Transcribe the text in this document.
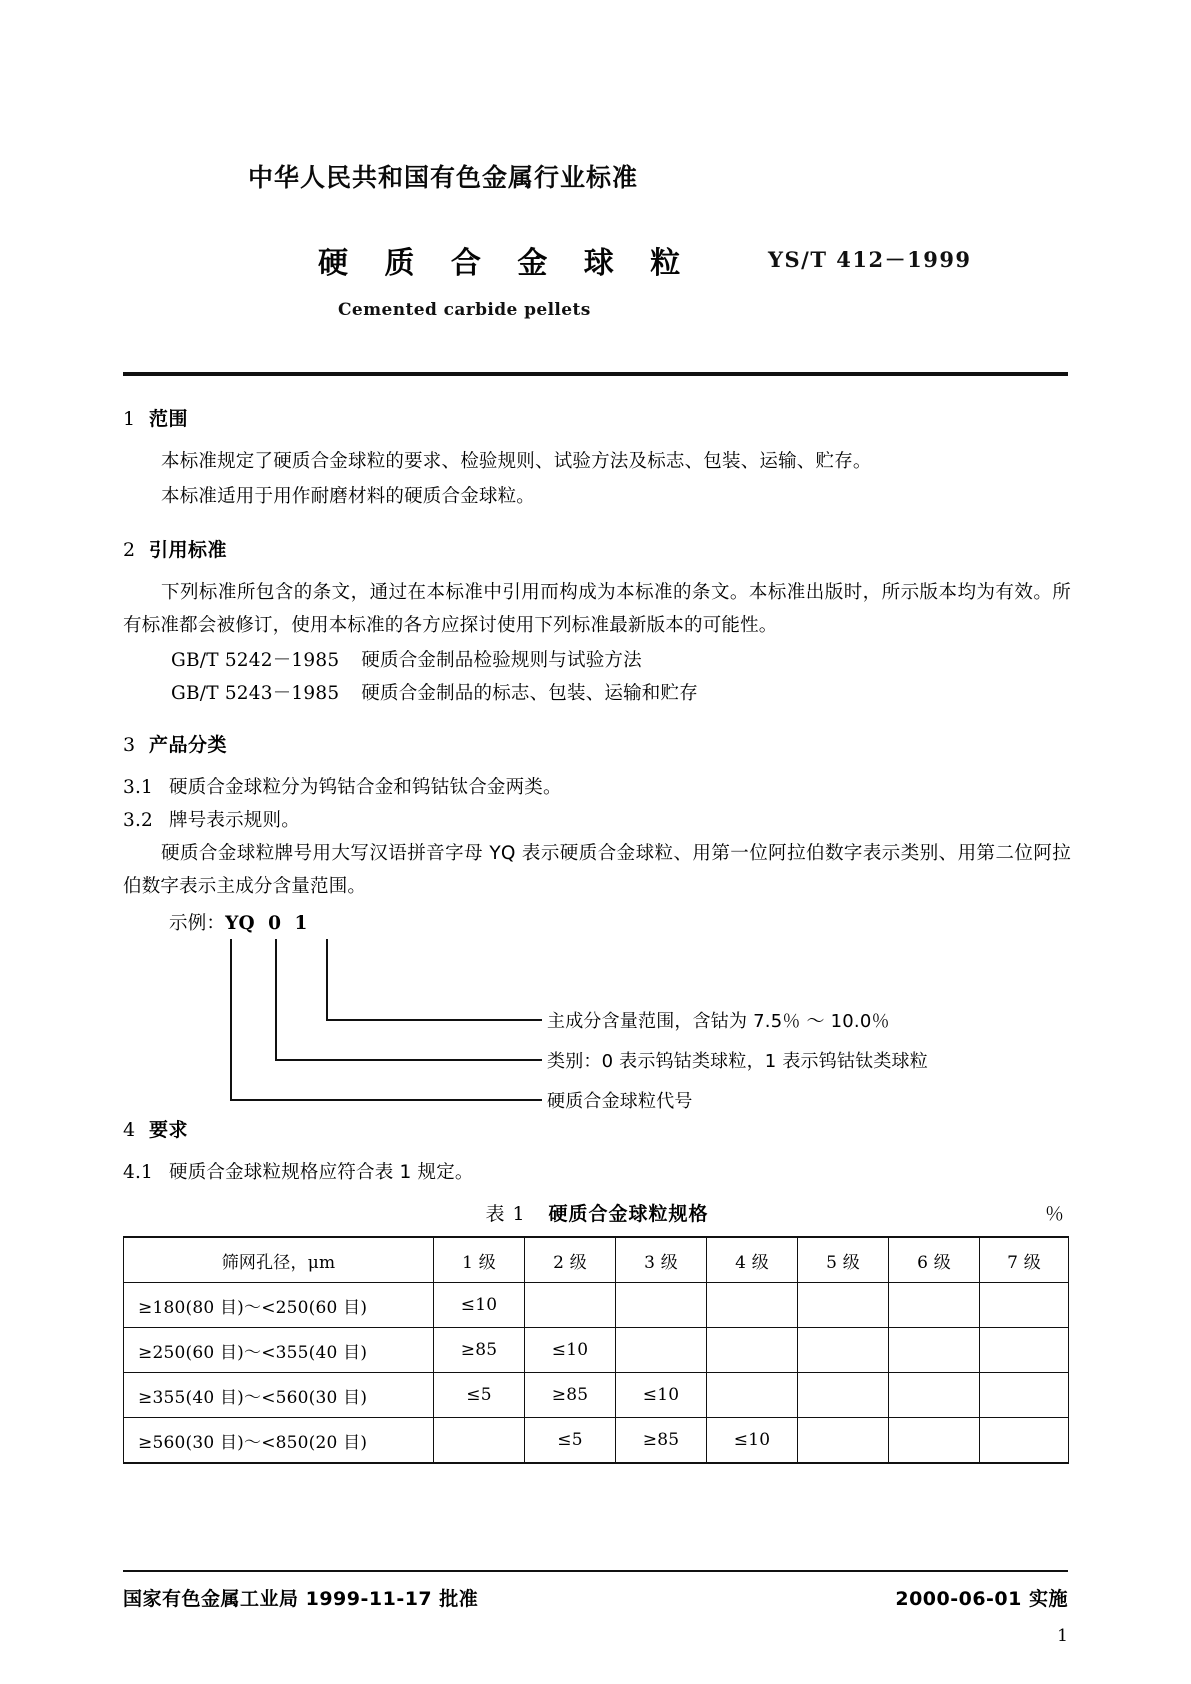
中华人民共和国有色金属行业标准
硬 质 合 金 球 粒	YS/T 412－1999
Cemented carbide pellets
1 范围

本标准规定了硬质合金球粒的要求、检验规则、试验方法及标志、包装、运输、贮存。

本标准适用于用作耐磨材料的硬质合金球粒。

2 引用标准

下列标准所包含的条文，通过在本标准中引用而构成为本标准的条文。本标准出版时，所示版本均为有效。所有标准都会被修订，使用本标准的各方应探讨使用下列标准最新版本的可能性。

GB/T 5242－1985 硬质合金制品检验规则与试验方法

GB/T 5243－1985 硬质合金制品的标志、包装、运输和贮存

3 产品分类

3.1 硬质合金球粒分为钨钴合金和钨钴钛合金两类。

3.2 牌号表示规则。

硬质合金球粒牌号用大写汉语拼音字母 YQ 表示硬质合金球粒、用第一位阿拉伯数字表示类别、用第二位阿拉伯数字表示主成分含量范围。

示例：YQ  0  1
主成分含量范围，含钴为 7.5％ ～ 10.0％
类别：0 表示钨钴类球粒，1 表示钨钴钛类球粒
硬质合金球粒代号
4 要求

4.1 硬质合金球粒规格应符合表 1 规定。

表 1 硬质合金球粒规格	％
筛网孔径，μm	1 级	2 级	3 级	4 级	5 级	6 级	7 级
≥180(80 目)～<250(60 目)	≤10						
≥250(60 目)～<355(40 目)	≥85	≤10					
≥355(40 目)～<560(30 目)	≤5	≥85	≤10				
≥560(30 目)～<850(20 目)		≤5	≥85	≤10			
国家有色金属工业局 1999-11-17 批准	2000-06-01 实施
1
